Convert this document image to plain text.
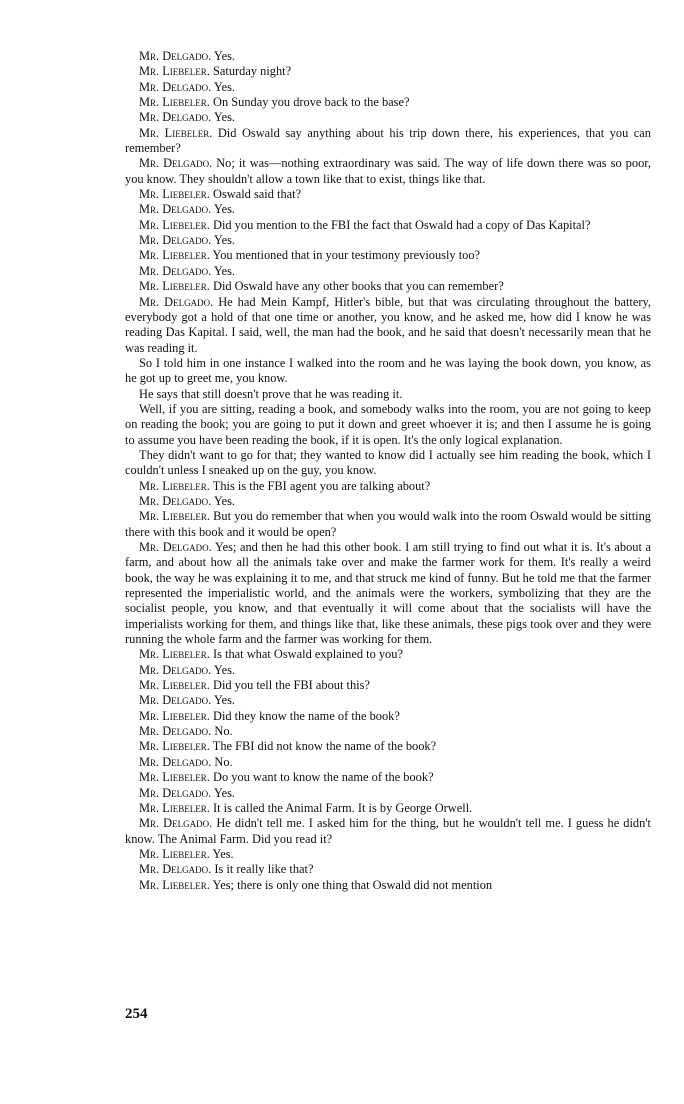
Mr. Delgado. Yes.

Mr. Liebeler. Saturday night?

Mr. Delgado. Yes.

Mr. Liebeler. On Sunday you drove back to the base?

Mr. Delgado. Yes.

Mr. Liebeler. Did Oswald say anything about his trip down there, his experiences, that you can remember?

Mr. Delgado. No; it was—nothing extraordinary was said. The way of life down there was so poor, you know. They shouldn't allow a town like that to exist, things like that.

Mr. Liebeler. Oswald said that?

Mr. Delgado. Yes.

Mr. Liebeler. Did you mention to the FBI the fact that Oswald had a copy of Das Kapital?

Mr. Delgado. Yes.

Mr. Liebeler. You mentioned that in your testimony previously too?

Mr. Delgado. Yes.

Mr. Liebeler. Did Oswald have any other books that you can remember?

Mr. Delgado. He had Mein Kampf, Hitler's bible, but that was circulating throughout the battery, everybody got a hold of that one time or another, you know, and he asked me, how did I know he was reading Das Kapital. I said, well, the man had the book, and he said that doesn't necessarily mean that he was reading it.

So I told him in one instance I walked into the room and he was laying the book down, you know, as he got up to greet me, you know.

He says that still doesn't prove that he was reading it.

Well, if you are sitting, reading a book, and somebody walks into the room, you are not going to keep on reading the book; you are going to put it down and greet whoever it is; and then I assume he is going to assume you have been reading the book, if it is open. It's the only logical explanation.

They didn't want to go for that; they wanted to know did I actually see him reading the book, which I couldn't unless I sneaked up on the guy, you know.

Mr. Liebeler. This is the FBI agent you are talking about?

Mr. Delgado. Yes.

Mr. Liebeler. But you do remember that when you would walk into the room Oswald would be sitting there with this book and it would be open?

Mr. Delgado. Yes; and then he had this other book. I am still trying to find out what it is. It's about a farm, and about how all the animals take over and make the farmer work for them. It's really a weird book, the way he was explaining it to me, and that struck me kind of funny. But he told me that the farmer represented the imperialistic world, and the animals were the workers, symbolizing that they are the socialist people, you know, and that eventually it will come about that the socialists will have the imperialists working for them, and things like that, like these animals, these pigs took over and they were running the whole farm and the farmer was working for them.

Mr. Liebeler. Is that what Oswald explained to you?

Mr. Delgado. Yes.

Mr. Liebeler. Did you tell the FBI about this?

Mr. Delgado. Yes.

Mr. Liebeler. Did they know the name of the book?

Mr. Delgado. No.

Mr. Liebeler. The FBI did not know the name of the book?

Mr. Delgado. No.

Mr. Liebeler. Do you want to know the name of the book?

Mr. Delgado. Yes.

Mr. Liebeler. It is called the Animal Farm. It is by George Orwell.

Mr. Delgado. He didn't tell me. I asked him for the thing, but he wouldn't tell me. I guess he didn't know. The Animal Farm. Did you read it?

Mr. Liebeler. Yes.

Mr. Delgado. Is it really like that?

Mr. Liebeler. Yes; there is only one thing that Oswald did not mention

254
